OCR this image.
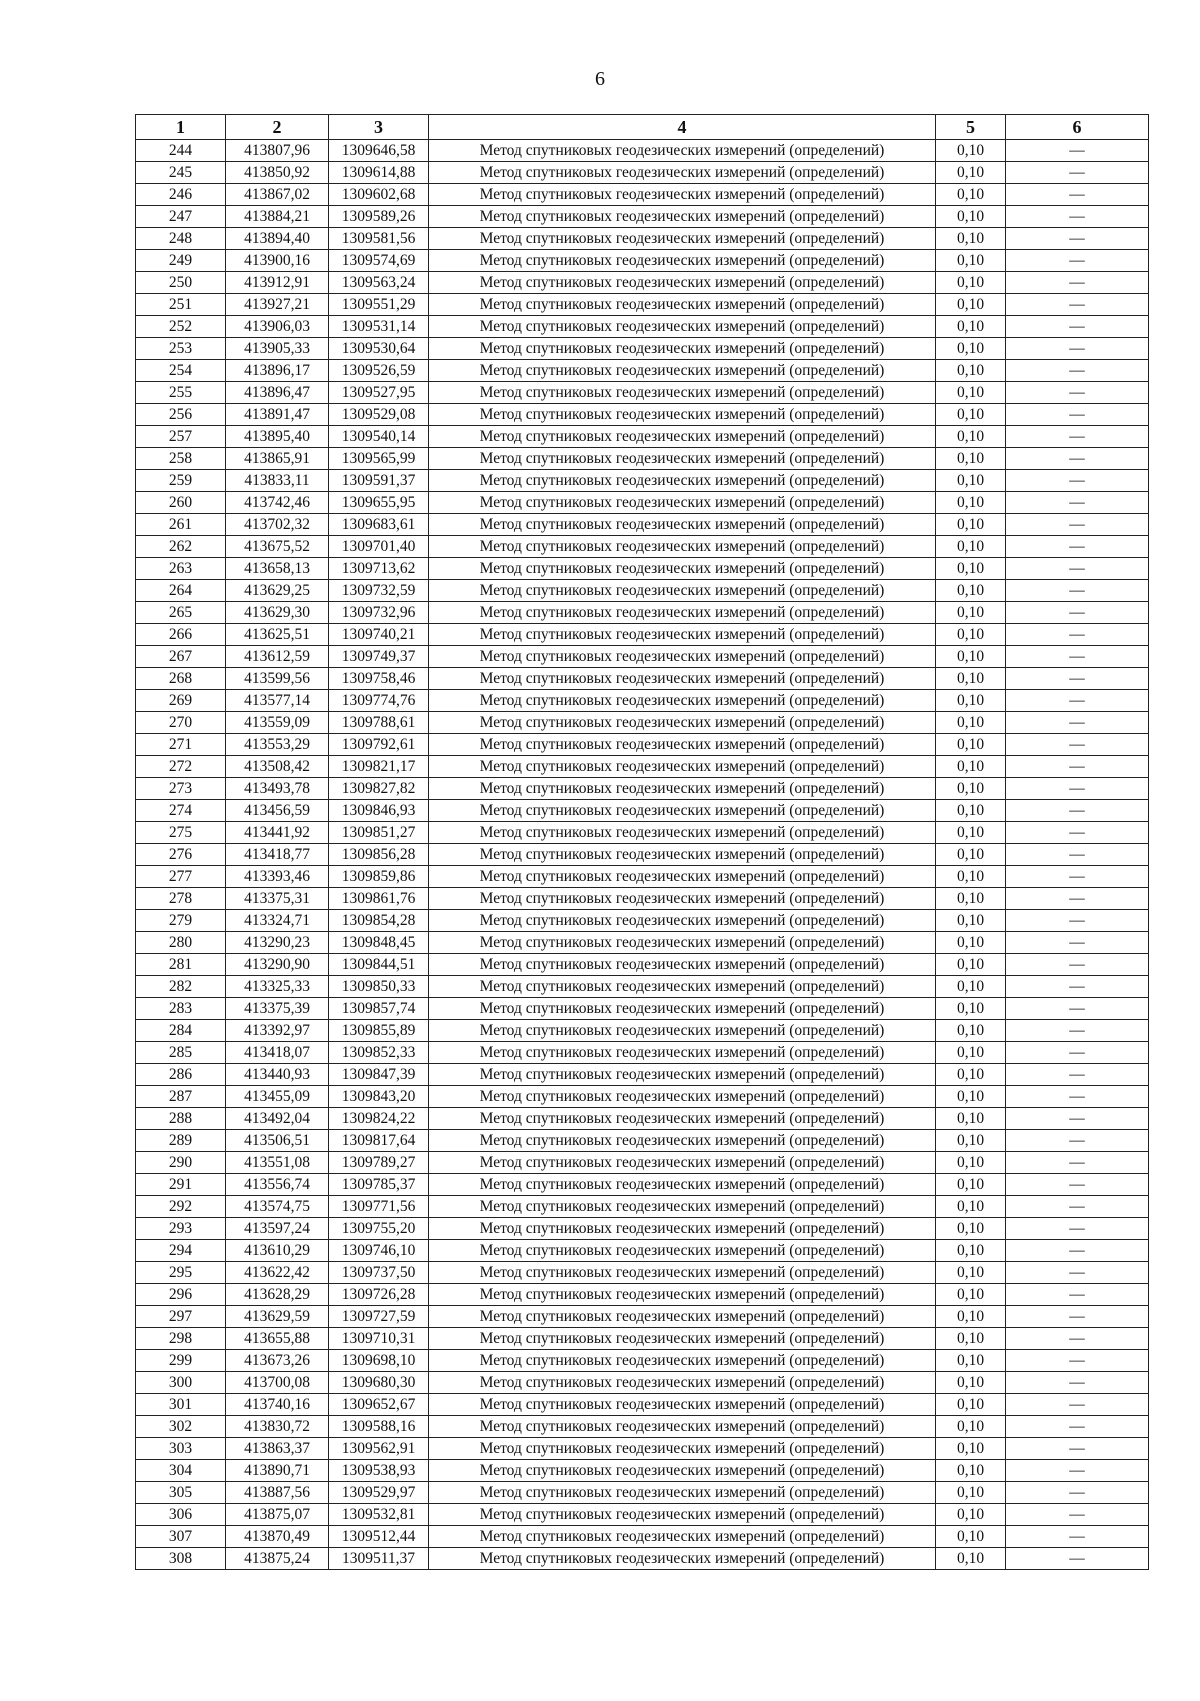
6
1	2	3	4	5	6
244	413807,96	1309646,58	Метод спутниковых геодезических измерений (определений)	0,10	—
245	413850,92	1309614,88	Метод спутниковых геодезических измерений (определений)	0,10	—
246	413867,02	1309602,68	Метод спутниковых геодезических измерений (определений)	0,10	—
247	413884,21	1309589,26	Метод спутниковых геодезических измерений (определений)	0,10	—
248	413894,40	1309581,56	Метод спутниковых геодезических измерений (определений)	0,10	—
249	413900,16	1309574,69	Метод спутниковых геодезических измерений (определений)	0,10	—
250	413912,91	1309563,24	Метод спутниковых геодезических измерений (определений)	0,10	—
251	413927,21	1309551,29	Метод спутниковых геодезических измерений (определений)	0,10	—
252	413906,03	1309531,14	Метод спутниковых геодезических измерений (определений)	0,10	—
253	413905,33	1309530,64	Метод спутниковых геодезических измерений (определений)	0,10	—
254	413896,17	1309526,59	Метод спутниковых геодезических измерений (определений)	0,10	—
255	413896,47	1309527,95	Метод спутниковых геодезических измерений (определений)	0,10	—
256	413891,47	1309529,08	Метод спутниковых геодезических измерений (определений)	0,10	—
257	413895,40	1309540,14	Метод спутниковых геодезических измерений (определений)	0,10	—
258	413865,91	1309565,99	Метод спутниковых геодезических измерений (определений)	0,10	—
259	413833,11	1309591,37	Метод спутниковых геодезических измерений (определений)	0,10	—
260	413742,46	1309655,95	Метод спутниковых геодезических измерений (определений)	0,10	—
261	413702,32	1309683,61	Метод спутниковых геодезических измерений (определений)	0,10	—
262	413675,52	1309701,40	Метод спутниковых геодезических измерений (определений)	0,10	—
263	413658,13	1309713,62	Метод спутниковых геодезических измерений (определений)	0,10	—
264	413629,25	1309732,59	Метод спутниковых геодезических измерений (определений)	0,10	—
265	413629,30	1309732,96	Метод спутниковых геодезических измерений (определений)	0,10	—
266	413625,51	1309740,21	Метод спутниковых геодезических измерений (определений)	0,10	—
267	413612,59	1309749,37	Метод спутниковых геодезических измерений (определений)	0,10	—
268	413599,56	1309758,46	Метод спутниковых геодезических измерений (определений)	0,10	—
269	413577,14	1309774,76	Метод спутниковых геодезических измерений (определений)	0,10	—
270	413559,09	1309788,61	Метод спутниковых геодезических измерений (определений)	0,10	—
271	413553,29	1309792,61	Метод спутниковых геодезических измерений (определений)	0,10	—
272	413508,42	1309821,17	Метод спутниковых геодезических измерений (определений)	0,10	—
273	413493,78	1309827,82	Метод спутниковых геодезических измерений (определений)	0,10	—
274	413456,59	1309846,93	Метод спутниковых геодезических измерений (определений)	0,10	—
275	413441,92	1309851,27	Метод спутниковых геодезических измерений (определений)	0,10	—
276	413418,77	1309856,28	Метод спутниковых геодезических измерений (определений)	0,10	—
277	413393,46	1309859,86	Метод спутниковых геодезических измерений (определений)	0,10	—
278	413375,31	1309861,76	Метод спутниковых геодезических измерений (определений)	0,10	—
279	413324,71	1309854,28	Метод спутниковых геодезических измерений (определений)	0,10	—
280	413290,23	1309848,45	Метод спутниковых геодезических измерений (определений)	0,10	—
281	413290,90	1309844,51	Метод спутниковых геодезических измерений (определений)	0,10	—
282	413325,33	1309850,33	Метод спутниковых геодезических измерений (определений)	0,10	—
283	413375,39	1309857,74	Метод спутниковых геодезических измерений (определений)	0,10	—
284	413392,97	1309855,89	Метод спутниковых геодезических измерений (определений)	0,10	—
285	413418,07	1309852,33	Метод спутниковых геодезических измерений (определений)	0,10	—
286	413440,93	1309847,39	Метод спутниковых геодезических измерений (определений)	0,10	—
287	413455,09	1309843,20	Метод спутниковых геодезических измерений (определений)	0,10	—
288	413492,04	1309824,22	Метод спутниковых геодезических измерений (определений)	0,10	—
289	413506,51	1309817,64	Метод спутниковых геодезических измерений (определений)	0,10	—
290	413551,08	1309789,27	Метод спутниковых геодезических измерений (определений)	0,10	—
291	413556,74	1309785,37	Метод спутниковых геодезических измерений (определений)	0,10	—
292	413574,75	1309771,56	Метод спутниковых геодезических измерений (определений)	0,10	—
293	413597,24	1309755,20	Метод спутниковых геодезических измерений (определений)	0,10	—
294	413610,29	1309746,10	Метод спутниковых геодезических измерений (определений)	0,10	—
295	413622,42	1309737,50	Метод спутниковых геодезических измерений (определений)	0,10	—
296	413628,29	1309726,28	Метод спутниковых геодезических измерений (определений)	0,10	—
297	413629,59	1309727,59	Метод спутниковых геодезических измерений (определений)	0,10	—
298	413655,88	1309710,31	Метод спутниковых геодезических измерений (определений)	0,10	—
299	413673,26	1309698,10	Метод спутниковых геодезических измерений (определений)	0,10	—
300	413700,08	1309680,30	Метод спутниковых геодезических измерений (определений)	0,10	—
301	413740,16	1309652,67	Метод спутниковых геодезических измерений (определений)	0,10	—
302	413830,72	1309588,16	Метод спутниковых геодезических измерений (определений)	0,10	—
303	413863,37	1309562,91	Метод спутниковых геодезических измерений (определений)	0,10	—
304	413890,71	1309538,93	Метод спутниковых геодезических измерений (определений)	0,10	—
305	413887,56	1309529,97	Метод спутниковых геодезических измерений (определений)	0,10	—
306	413875,07	1309532,81	Метод спутниковых геодезических измерений (определений)	0,10	—
307	413870,49	1309512,44	Метод спутниковых геодезических измерений (определений)	0,10	—
308	413875,24	1309511,37	Метод спутниковых геодезических измерений (определений)	0,10	—
